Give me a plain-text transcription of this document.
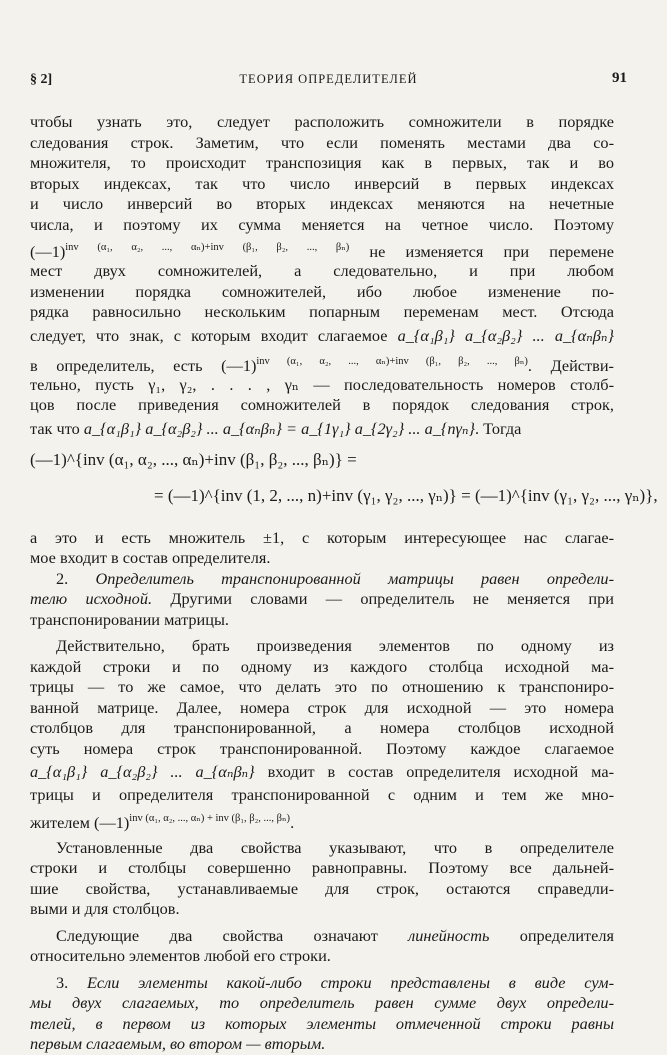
§ 2]	ТЕОРИЯ ОПРЕДЕЛИТЕЛЕЙ	91
чтобы узнать это, следует расположить сомножители в порядке
следования строк. Заметим, что если поменять местами два со-
множителя, то происходит транспозиция как в первых, так и во
вторых индексах, так что число инверсий в первых индексах
и число инверсий во вторых индексах меняются на нечетные
числа, и поэтому их сумма меняется на четное число. Поэтому
(—1)$^{inv (\alpha_1, \alpha_2, ..., \alpha_n)+inv (\beta_1, \beta_2, ..., \beta_n)}$ не изменяется при перемене
мест двух сомножителей, а следовательно, и при любом
изменении порядка сомножителей, ибо любое изменение по-
рядка равносильно нескольким попарным переменам мест. Отсюда
следует, что знак, с которым входит слагаемое a_{α₁β₁} a_{α₂β₂} ... a_{αₙβₙ}
в определитель, есть (—1)$^{inv (\alpha_1, \alpha_2, ..., \alpha_n)+inv (\beta_1, \beta_2, ..., \beta_n)}$. Действи-
тельно, пусть γ₁, γ₂, . . . , γₙ — последовательность номеров столб-
цов после приведения сомножителей в порядок следования строк,
так что a_{α₁β₁} a_{α₂β₂} ... a_{αₙβₙ} = a_{1γ₁} a_{2γ₂} ... a_{nγₙ}. Тогда
(—1)^{inv (α₁, α₂, ..., αₙ)+inv (β₁, β₂, ..., βₙ)} =
= (—1)^{inv (1, 2, ..., n)+inv (γ₁, γ₂, ..., γₙ)} = (—1)^{inv (γ₁, γ₂, ..., γₙ)},
а это и есть множитель ±1, с которым интересующее нас слагае-
мое входит в состав определителя.
2. Определитель транспонированной матрицы равен определи-
телю исходной. Другими словами — определитель не меняется при
транспонировании матрицы.
Действительно, брать произведения элементов по одному из
каждой строки и по одному из каждого столбца исходной ма-
трицы — то же самое, что делать это по отношению к транспониро-
ванной матрице. Далее, номера строк для исходной — это номера
столбцов для транспонированной, а номера столбцов исходной
суть номера строк транспонированной. Поэтому каждое слагаемое
a_{α₁β₁} a_{α₂β₂} ... a_{αₙβₙ} входит в состав определителя исходной ма-
трицы и определителя транспонированной с одним и тем же мно-
жителем (—1)$^{inv (\alpha_1, \alpha_2, ..., \alpha_n) + inv (\beta_1, \beta_2, ..., \beta_n)}$.
Установленные два свойства указывают, что в определителе
строки и столбцы совершенно равноправны. Поэтому все дальней-
шие свойства, устанавливаемые для строк, остаются справедли-
выми и для столбцов.
Следующие два свойства означают линейность определителя
относительно элементов любой его строки.
3. Если элементы какой-либо строки представлены в виде сум-
мы двух слагаемых, то определитель равен сумме двух определи-
телей, в первом из которых элементы отмеченной строки равны
первым слагаемым, во втором — вторым.
